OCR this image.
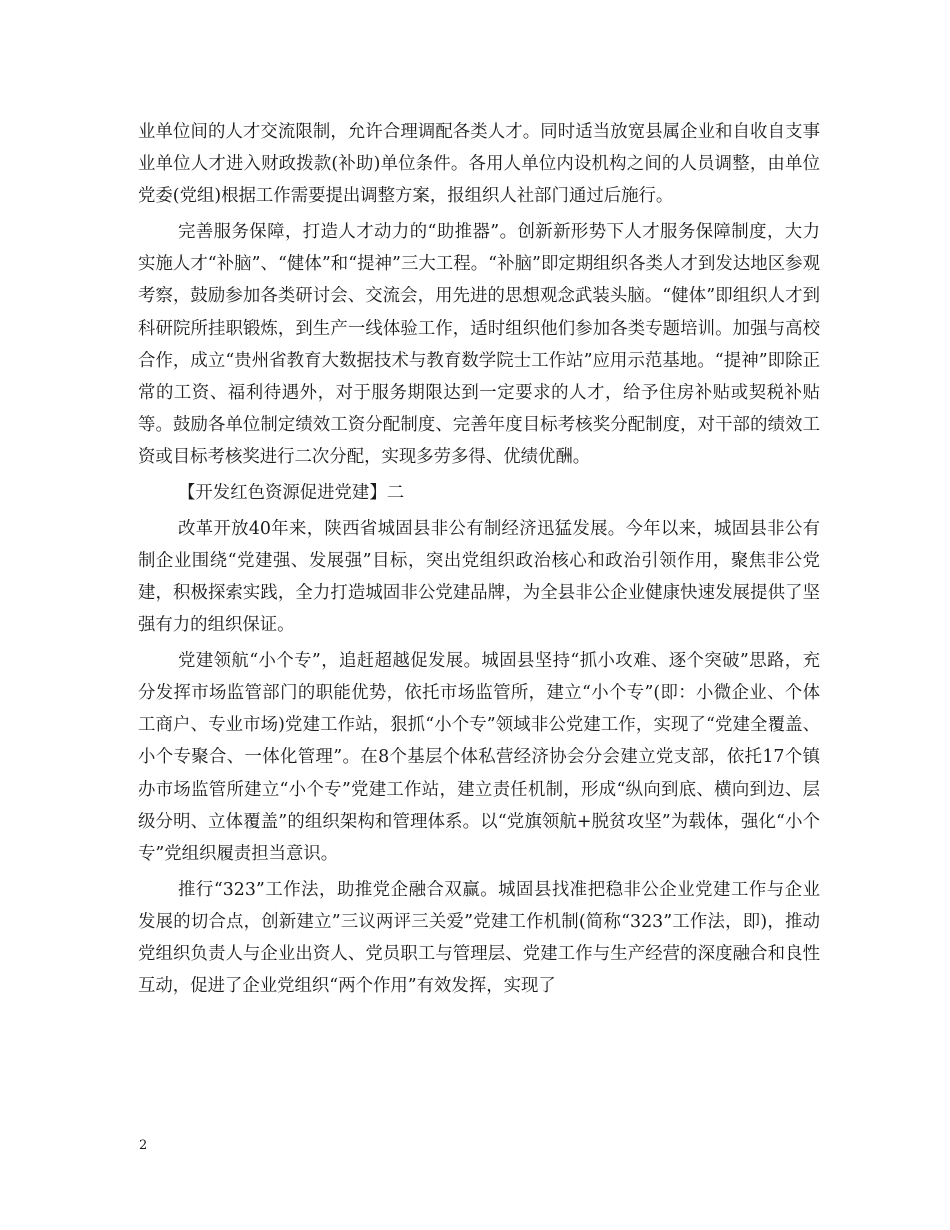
业单位间的人才交流限制，允许合理调配各类人才。同时适当放宽县属企业和自收自支事业单位人才进入财政拨款(补助)单位条件。各用人单位内设机构之间的人员调整，由单位党委(党组)根据工作需要提出调整方案，报组织人社部门通过后施行。

完善服务保障，打造人才动力的“助推器”。创新新形势下人才服务保障制度，大力实施人才“补脑”、“健体”和“提神”三大工程。“补脑”即定期组织各类人才到发达地区参观考察，鼓励参加各类研讨会、交流会，用先进的思想观念武装头脑。“健体”即组织人才到科研院所挂职锻炼，到生产一线体验工作，适时组织他们参加各类专题培训。加强与高校合作，成立“贵州省教育大数据技术与教育数学院士工作站”应用示范基地。“提神”即除正常的工资、福利待遇外，对于服务期限达到一定要求的人才，给予住房补贴或契税补贴等。鼓励各单位制定绩效工资分配制度、完善年度目标考核奖分配制度，对干部的绩效工资或目标考核奖进行二次分配，实现多劳多得、优绩优酬。

【开发红色资源促进党建】二

改革开放40年来，陕西省城固县非公有制经济迅猛发展。今年以来，城固县非公有制企业围绕“党建强、发展强”目标，突出党组织政治核心和政治引领作用，聚焦非公党建，积极探索实践，全力打造城固非公党建品牌，为全县非公企业健康快速发展提供了坚强有力的组织保证。

党建领航“小个专”，追赶超越促发展。城固县坚持“抓小攻难、逐个突破”思路，充分发挥市场监管部门的职能优势，依托市场监管所，建立“小个专”(即：小微企业、个体工商户、专业市场)党建工作站，狠抓“小个专”领域非公党建工作，实现了“党建全覆盖、小个专聚合、一体化管理”。在8个基层个体私营经济协会分会建立党支部，依托17个镇办市场监管所建立“小个专”党建工作站，建立责任机制，形成“纵向到底、横向到边、层级分明、立体覆盖”的组织架构和管理体系。以“党旗领航+脱贫攻坚”为载体，强化“小个专”党组织履责担当意识。

推行“323”工作法，助推党企融合双赢。城固县找准把稳非公企业党建工作与企业发展的切合点，创新建立”三议两评三关爱”党建工作机制(简称“323”工作法，即)，推动党组织负责人与企业出资人、党员职工与管理层、党建工作与生产经营的深度融合和良性互动，促进了企业党组织“两个作用”有效发挥，实现了

2
